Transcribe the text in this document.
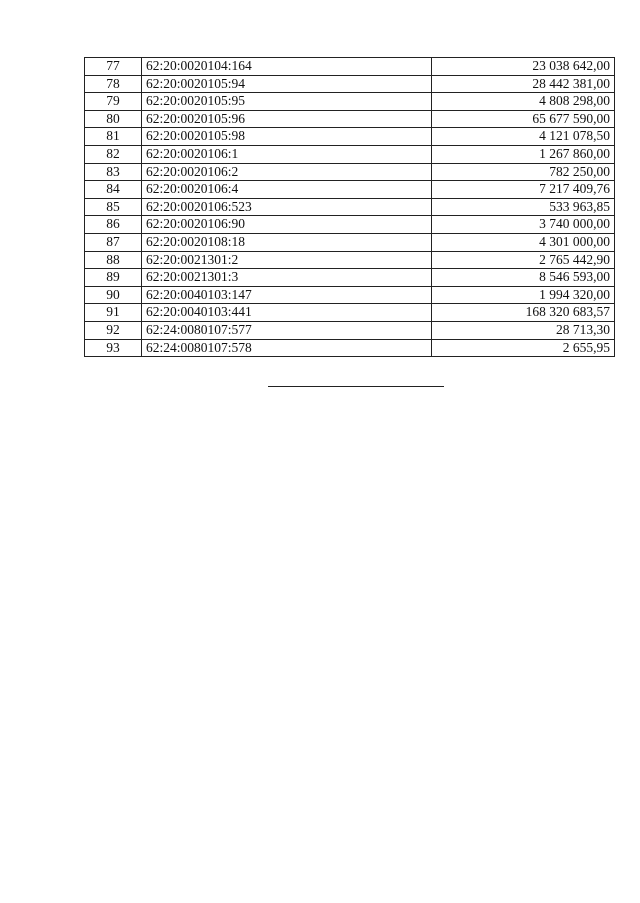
77	62:20:0020104:164	23 038 642,00
78	62:20:0020105:94	28 442 381,00
79	62:20:0020105:95	4 808 298,00
80	62:20:0020105:96	65 677 590,00
81	62:20:0020105:98	4 121 078,50
82	62:20:0020106:1	1 267 860,00
83	62:20:0020106:2	782 250,00
84	62:20:0020106:4	7 217 409,76
85	62:20:0020106:523	533 963,85
86	62:20:0020106:90	3 740 000,00
87	62:20:0020108:18	4 301 000,00
88	62:20:0021301:2	2 765 442,90
89	62:20:0021301:3	8 546 593,00
90	62:20:0040103:147	1 994 320,00
91	62:20:0040103:441	168 320 683,57
92	62:24:0080107:577	28 713,30
93	62:24:0080107:578	2 655,95
